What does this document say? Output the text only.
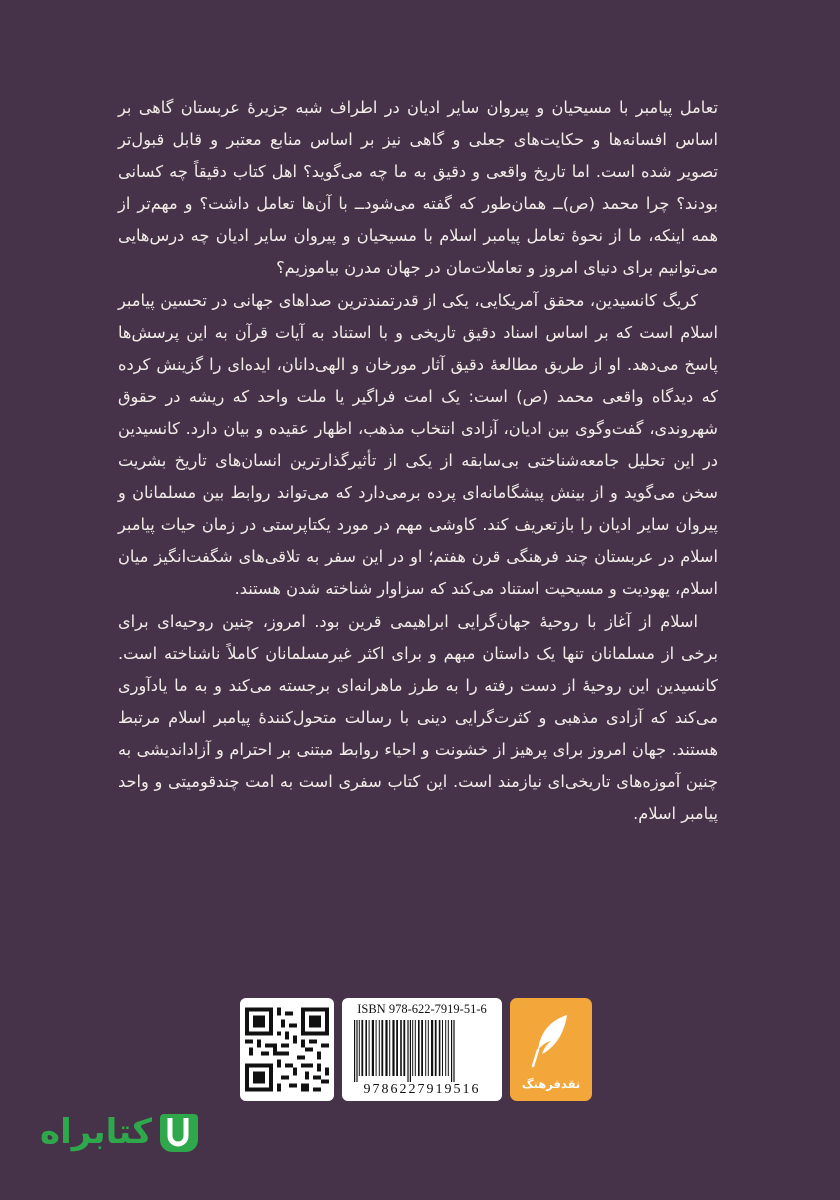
تعامل پیامبر با مسیحیان و پیروان سایر ادیان در اطراف شبه جزیرۀ عربستان گاهی بر اساس افسانه‌ها و حکایت‌های جعلی و گاهی نیز بر اساس منابع معتبر و قابل قبول‌تر تصویر شده است. اما تاریخ واقعی و دقیق به ما چه می‌گوید؟ اهل کتاب دقیقاً چه کسانی بودند؟ چرا محمد (ص)ــ همان‌طور که گفته می‌شودــ با آن‌ها تعامل داشت؟ و مهم‌تر از همه اینکه، ما از نحوۀ تعامل پیامبر اسلام با مسیحیان و پیروان سایر ادیان چه درس‌هایی می‌توانیم برای دنیای امروز و تعاملات‌مان در جهان مدرن بیاموزیم؟

کریگ کانسیدین، محقق آمریکایی، یکی از قدرتمندترین صداهای جهانی در تحسین پیامبر اسلام است که بر اساس اسناد دقیق تاریخی و با استناد به آیات قرآن به این پرسش‌ها پاسخ می‌دهد. او از طریق مطالعۀ دقیق آثار مورخان و الهی‌دانان، ایده‌ای را گزینش کرده که دیدگاه واقعی محمد (ص) است: یک امت فراگیر یا ملت واحد که ریشه در حقوق شهروندی، گفت‌وگوی بین ادیان، آزادی انتخاب مذهب، اظهار عقیده و بیان دارد. کانسیدین در این تحلیل جامعه‌شناختی بی‌سابقه از یکی از تأثیرگذارترین انسان‌های تاریخ بشریت سخن می‌گوید و از بینش پیشگامانه‌ای پرده برمی‌دارد که می‌تواند روابط بین مسلمانان و پیروان سایر ادیان را بازتعریف کند. کاوشی مهم در مورد یکتاپرستی در زمان حیات پیامبر اسلام در عربستان چند فرهنگی قرن هفتم؛ او در این سفر به تلاقی‌های شگفت‌انگیز میان اسلام، یهودیت و مسیحیت استناد می‌کند که سزاوار شناخته شدن هستند.

اسلام از آغاز با روحیۀ جهان‌گرایی ابراهیمی قرین بود. امروز، چنین روحیه‌ای برای برخی از مسلمانان تنها یک داستان مبهم و برای اکثر غیرمسلمانان کاملاً ناشناخته است. کانسیدین این روحیۀ از دست رفته را به طرز ماهرانه‌ای برجسته می‌کند و به ما یادآوری می‌کند که آزادی مذهبی و کثرت‌گرایی دینی با رسالت متحول‌کنندۀ پیامبر اسلام مرتبط هستند. جهان امروز برای پرهیز از خشونت و احیاء روابط مبتنی بر احترام و آزاداندیشی به چنین آموزه‌های تاریخی‌ای نیازمند است. این کتاب سفری است به امت چندقومیتی و واحد پیامبر اسلام.

ISBN 978-622-7919-51-6
9786227919516	نقدفرهنگ
کتابراه
